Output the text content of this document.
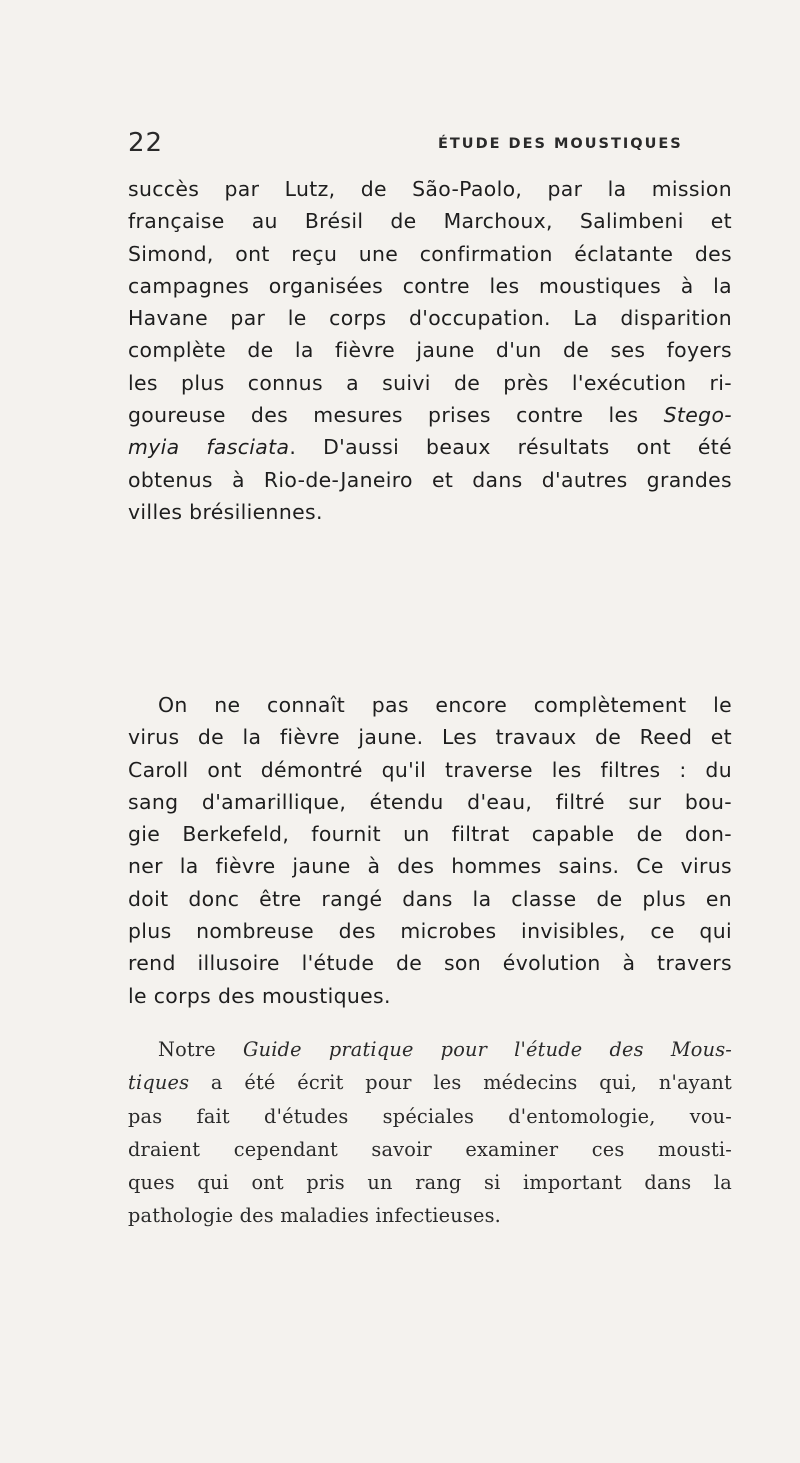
22	ÉTUDE DES MOUSTIQUES
succès par Lutz, de São-Paolo, par la mission
française au Brésil de Marchoux, Salimbeni et
Simond, ont reçu une confirmation éclatante des
campagnes organisées contre les moustiques à la
Havane par le corps d'occupation. La disparition
complète de la fièvre jaune d'un de ses foyers
les plus connus a suivi de près l'exécution ri-
goureuse des mesures prises contre les Stego-
myia fasciata. D'aussi beaux résultats ont été
obtenus à Rio-de-Janeiro et dans d'autres grandes
villes brésiliennes.
On ne connaît pas encore complètement le
virus de la fièvre jaune. Les travaux de Reed et
Caroll ont démontré qu'il traverse les filtres : du
sang d'amarillique, étendu d'eau, filtré sur bou-
gie Berkefeld, fournit un filtrat capable de don-
ner la fièvre jaune à des hommes sains. Ce virus
doit donc être rangé dans la classe de plus en
plus nombreuse des microbes invisibles, ce qui
rend illusoire l'étude de son évolution à travers
le corps des moustiques.
Notre Guide pratique pour l'étude des Mous-
tiques a été écrit pour les médecins qui, n'ayant
pas fait d'études spéciales d'entomologie, vou-
draient cependant savoir examiner ces mousti-
ques qui ont pris un rang si important dans la
pathologie des maladies infectieuses.
